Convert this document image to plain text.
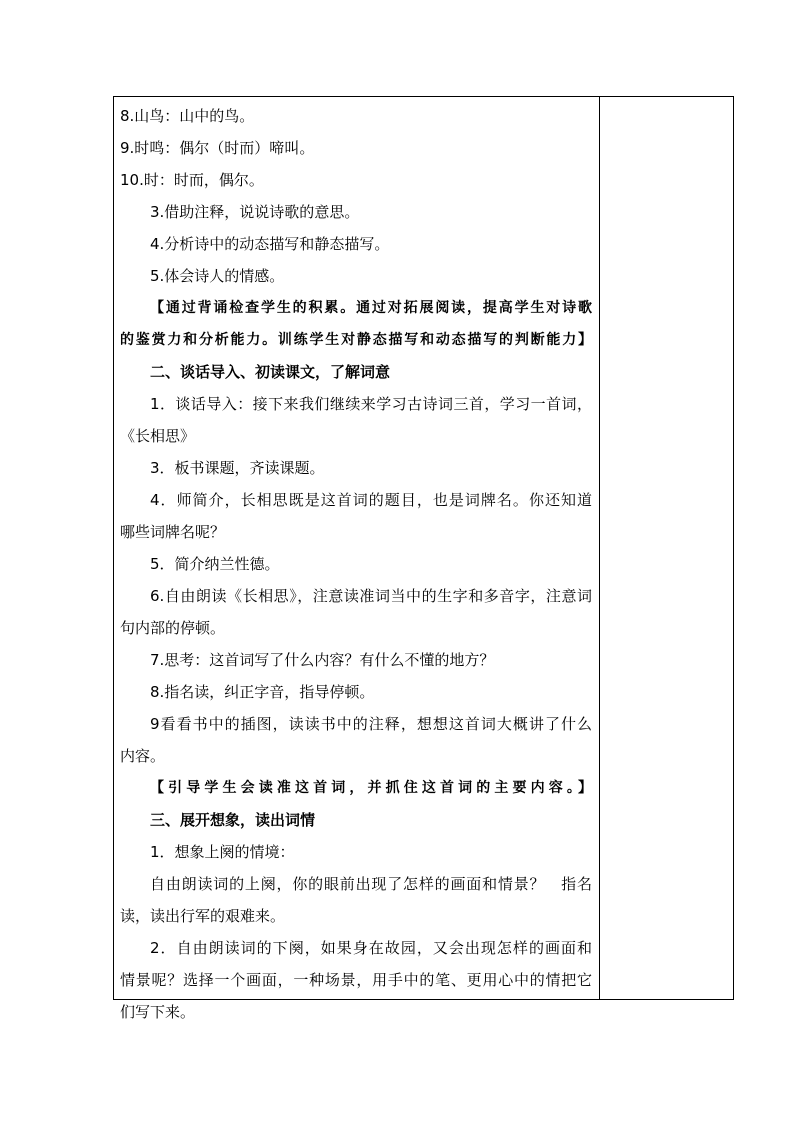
8.山鸟：山中的鸟。
9.时鸣：偶尔（时而）啼叫。
10.时：时而，偶尔。
3.借助注释，说说诗歌的意思。
4.分析诗中的动态描写和静态描写。
5.体会诗人的情感。
【通过背诵检查学生的积累。通过对拓展阅读，提高学生对诗歌
的鉴赏力和分析能力。训练学生对静态描写和动态描写的判断能力】
二、谈话导入、初读课文，了解词意
1．谈话导入：接下来我们继续来学习古诗词三首，学习一首词，
《长相思》
3．板书课题，齐读课题。
4．师简介，长相思既是这首词的题目，也是词牌名。你还知道
哪些词牌名呢？
5．简介纳兰性德。
6.自由朗读《长相思》，注意读准词当中的生字和多音字，注意词
句内部的停顿。
7.思考：这首词写了什么内容？有什么不懂的地方？
8.指名读，纠正字音，指导停顿。
9看看书中的插图，读读书中的注释，想想这首词大概讲了什么
内容。
【引导学生会读准这首词，并抓住这首词的主要内容。】
三、展开想象，读出词情
1．想象上阕的情境：
自由朗读词的上阕，你的眼前出现了怎样的画面和情景？　指名
读，读出行军的艰难来。
2．自由朗读词的下阕，如果身在故园，又会出现怎样的画面和
情景呢？选择一个画面，一种场景，用手中的笔、更用心中的情把它
们写下来。
